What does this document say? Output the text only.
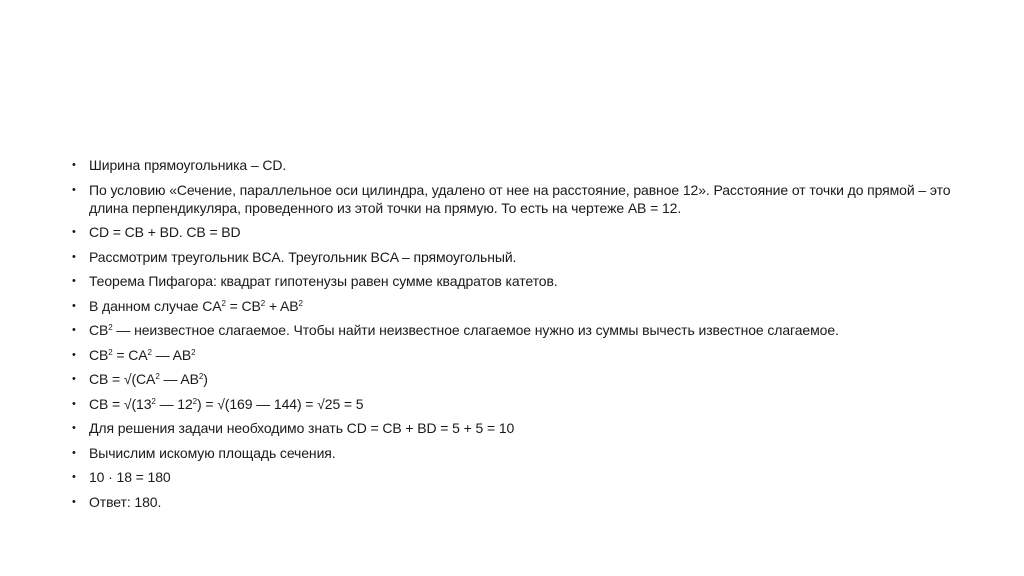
• Ширина прямоугольника – CD.
• По условию «Сечение, параллельное оси цилиндра, удалено от нее на расстояние, равное 12». Расстояние от точки до прямой – это длина перпендикуляра, проведенного из этой точки на прямую. То есть на чертеже AB = 12.
• CD = CB + BD. CB = BD
• Рассмотрим треугольник BCA. Треугольник BCA – прямоугольный.
• Теорема Пифагора: квадрат гипотенузы равен сумме квадратов катетов.
• В данном случае $CA^2 = CB^2 + AB^2$
• $CB^2$ — неизвестное слагаемое. Чтобы найти неизвестное слагаемое нужно из суммы вычесть известное слагаемое.
• $CB^2 = CA^2$ — $AB^2$
• CB = $√(CA^2$ — $AB^2$)
• CB = $√(13^2$ — $12^2) = √(169$ — 144) = √25 = 5
• Для решения задачи необходимо знать CD = CB + BD = 5 + 5 = 10
• Вычислим искомую площадь сечения.
• 10 · 18 = 180
• Ответ: 180.
